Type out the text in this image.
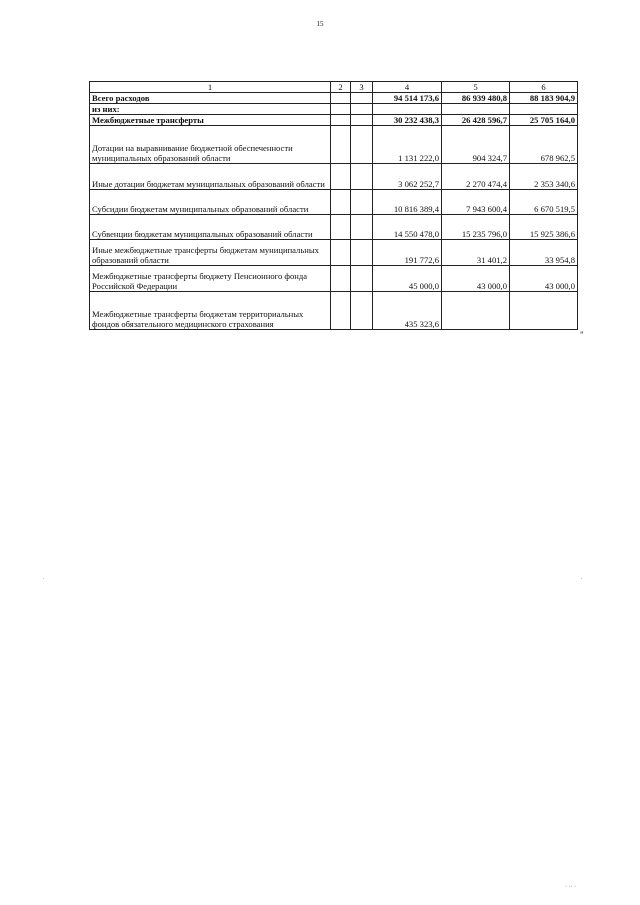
15
1	2	3	4	5	6
Всего расходов			94 514 173,6	86 939 480,8	88 183 904,9
из них:					
Межбюджетные трансферты			30 232 438,3	26 428 596,7	25 705 164,0
Дотации на выравнивание бюджетной обеспеченности муниципальных образований области			1 131 222,0	904 324,7	678 962,5
Иные дотации бюджетам муниципальных образований области			3 062 252,7	2 270 474,4	2 353 340,6
Субсидии бюджетам муниципальных образований области			10 816 389,4	7 943 600,4	6 670 519,5
Субвенции бюджетам муниципальных образований области			14 550 478,0	15 235 796,0	15 925 386,6
Иные межбюджетные трансферты бюджетам муниципальных образований области			191 772,6	31 401,2	33 954,8
Межбюджетные трансферты бюджету Пенсионного фонда Российской Федерации			45 000,0	43 000,0	43 000,0
Межбюджетные трансферты бюджетам территориальных фондов обязательного медицинского страхования			435 323,6		
"
.	.
· ·· ·
